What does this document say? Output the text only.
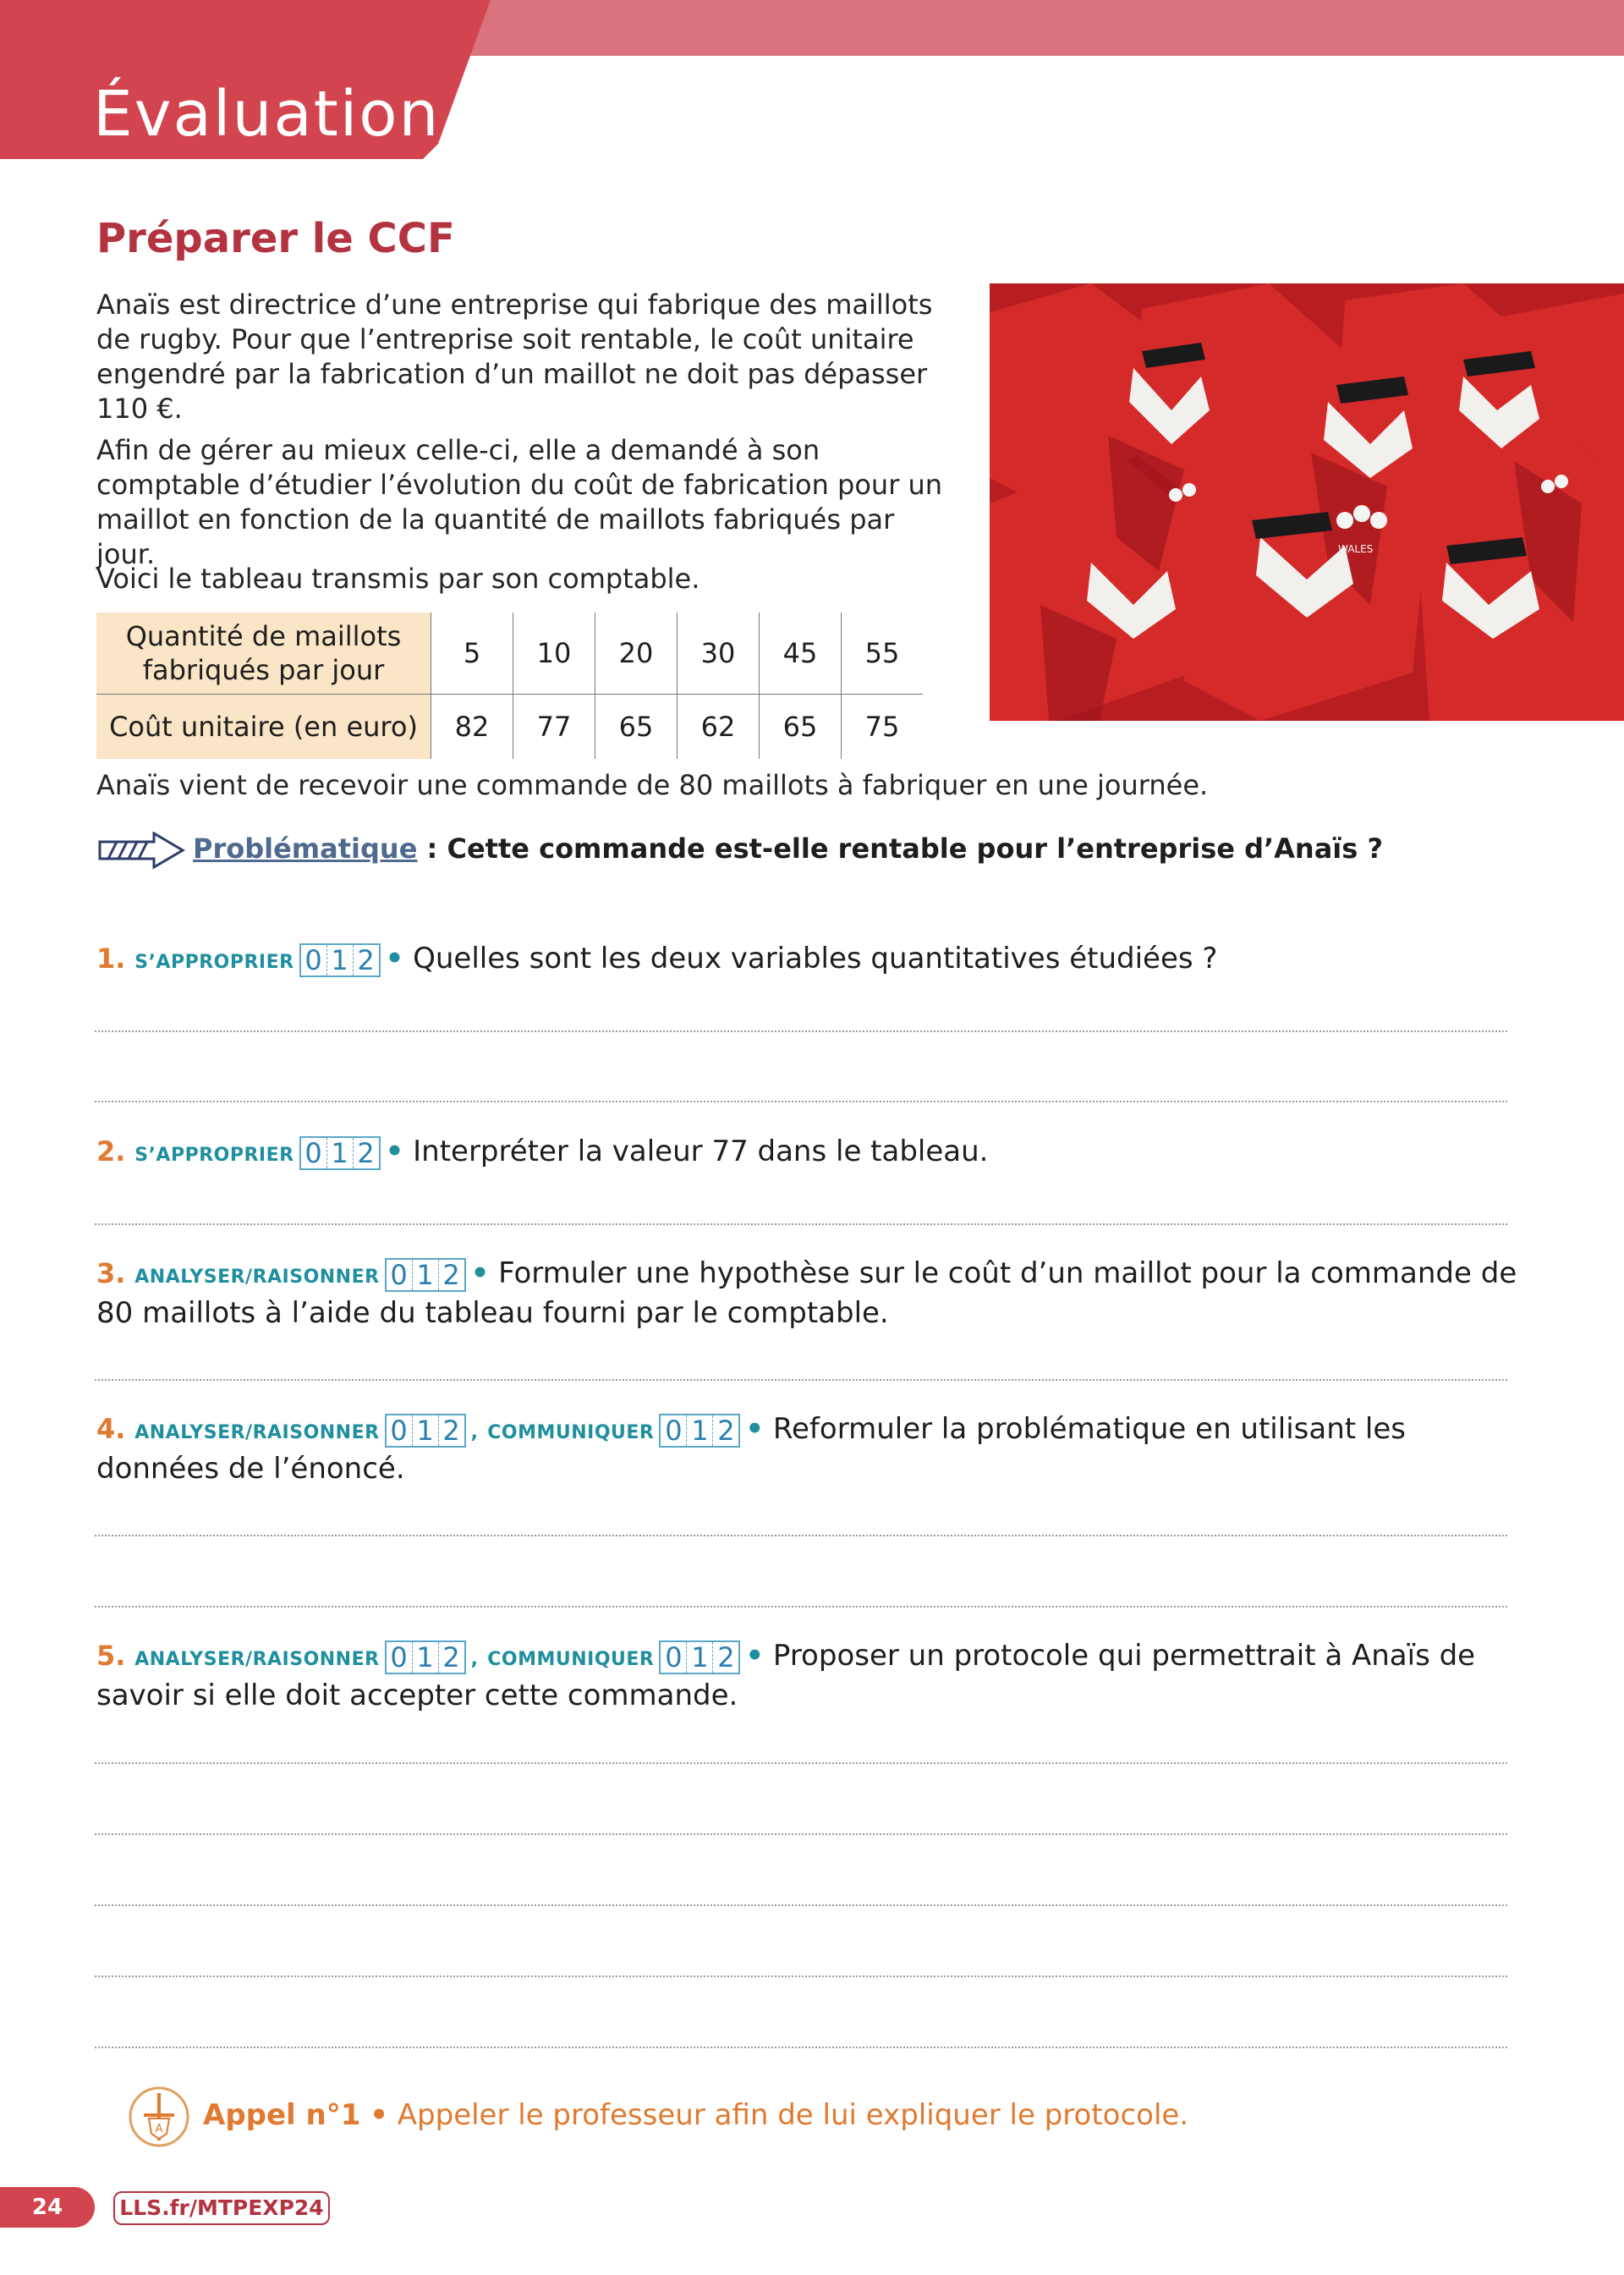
Évaluation
Préparer le CCF
Anaïs est directrice d’une entreprise qui fabrique des maillots de rugby. Pour que l’entreprise soit rentable, le coût unitaire engendré par la fabrication d’un maillot ne doit pas dépasser 110 €.
Afin de gérer au mieux celle-ci, elle a demandé à son comptable d’étudier l’évolution du coût de fabrication pour un maillot en fonction de la quantité de maillots fabriqués par jour.
Voici le tableau transmis par son comptable.
WALES
Quantité de maillots fabriqués par jour	5	10	20	30	45	55
Coût unitaire (en euro)	82	77	65	62	65	75
Anaïs vient de recevoir une commande de 80 maillots à fabriquer en une journée.
Problématique : Cette commande est-elle rentable pour l’entreprise d’Anaïs ?
1. S’APPROPRIER 0 1 2 • Quelles sont les deux variables quantitatives étudiées ?
2. S’APPROPRIER 0 1 2 • Interpréter la valeur 77 dans le tableau.
3. ANALYSER/RAISONNER 0 1 2 • Formuler une hypothèse sur le coût d’un maillot pour la commande de 80 maillots à l’aide du tableau fourni par le comptable.
4. ANALYSER/RAISONNER 0 1 2 , COMMUNIQUER 0 1 2 • Reformuler la problématique en utilisant les données de l’énoncé.
5. ANALYSER/RAISONNER 0 1 2 , COMMUNIQUER 0 1 2 • Proposer un protocole qui permettrait à Anaïs de savoir si elle doit accepter cette commande.
A Appel n°1 • Appeler le professeur afin de lui expliquer le protocole.
24	LLS.fr/MTPEXP24
